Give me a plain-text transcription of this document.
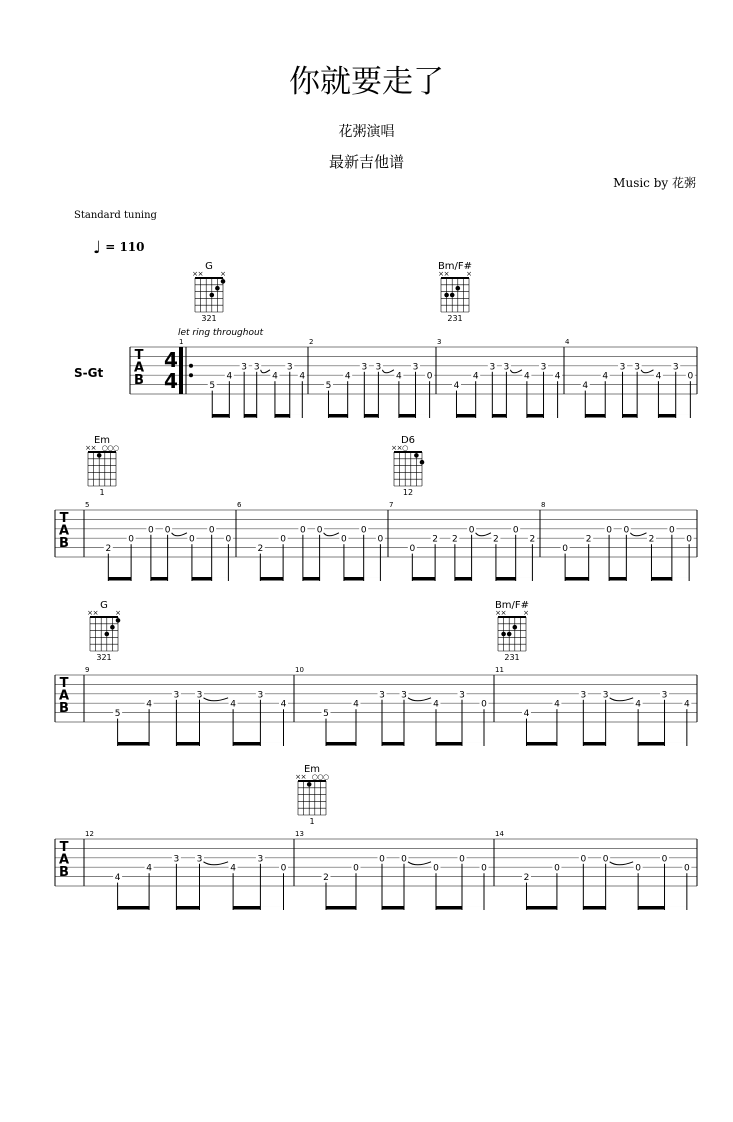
你就要走了
花粥演唱
最新吉他谱
Music by 花粥
Standard tuning
♩ = 110
T
A
B
S-Gt
4
4
let ring throughout
1
5
4
3 3
4
3
4
2
5
4
3 3
4
3
0
3
4
4
3 3
4
3
4
4
4
4
3 3
4
3
0
G
× × ×
321
Bm/F#
× × ×
231
T
A
B
5
2
0
0 0
0
0
0
6
2
0
0 0
0
0
0
7
0
2 2
0
2
0
2
8
0
2
0 0
2
0
0
Em
× × ○ ○ ○
1
D6
× × ○
12
T
A
B
9
5
4
3 3
4
3
4
10
5
4
3 3
4
3
0
11
4
4
3 3
4
3
4
G
× × ×
321
Bm/F#
× × ×
231
T
A
B
12
4
4
3 3
4
3
0
13
2
0
0 0
0
0
0
14
2
0
0 0
0
0
0
Em
× × ○ ○ ○
1
